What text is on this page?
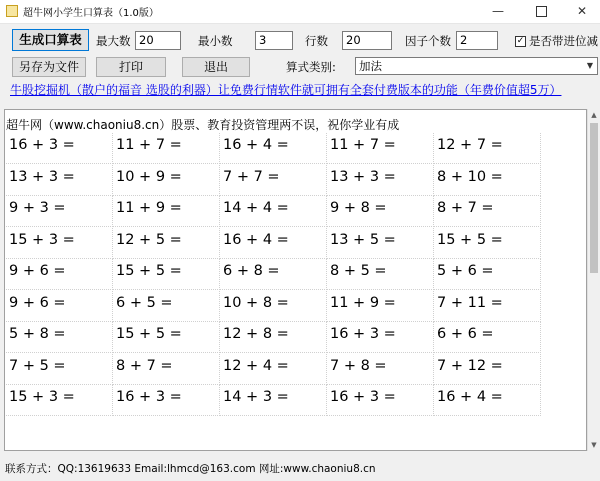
超牛网小学生口算表（1.0版）	—	✕
生成口算表	最大数 20	最小数	3	行数	20	因子个数 2	✓ 是否带进位减
另存为文件	打印	退出	算式类别:	加法	▼
牛股挖掘机（散户的福音 选股的利器）让免费行情软件就可拥有全套付费版本的功能（年费价值超5万）
超牛网（www.chaoniu8.cn）股票、教育投资管理两不误，祝你学业有成
16 + 3 =	11 + 7 =	16 + 4 =	11 + 7 =	12 + 7 =
13 + 3 =	10 + 9 =	7 + 7 =	13 + 3 =	8 + 10 =
9 + 3 =	11 + 9 =	14 + 4 =	9 + 8 =	8 + 7 =
15 + 3 =	12 + 5 =	16 + 4 =	13 + 5 =	15 + 5 =
9 + 6 =	15 + 5 =	6 + 8 =	8 + 5 =	5 + 6 =
9 + 6 =	6 + 5 =	10 + 8 =	11 + 9 =	7 + 11 =
5 + 8 =	15 + 5 =	12 + 8 =	16 + 3 =	6 + 6 =
7 + 5 =	8 + 7 =	12 + 4 =	7 + 8 =	7 + 12 =
15 + 3 =	16 + 3 =	14 + 3 =	16 + 3 =	16 + 4 =
▲
▼
联系方式：QQ:13619633 Email:lhmcd@163.com 网址:www.chaoniu8.cn
